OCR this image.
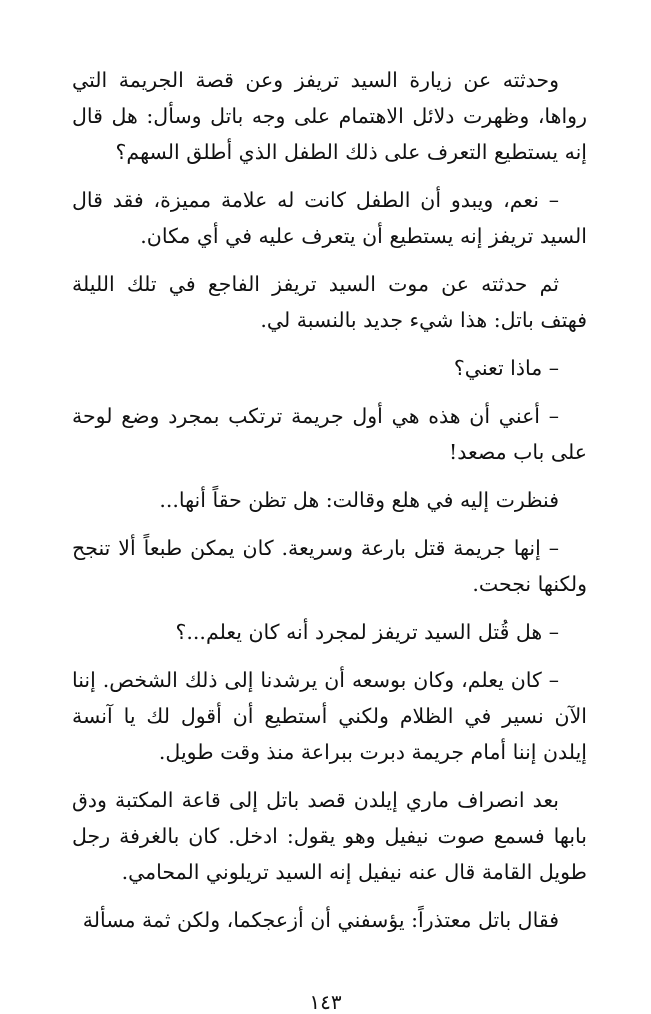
وحدثته عن زيارة السيد تريفز وعن قصة الجريمة التي رواها، وظهرت دلائل الاهتمام على وجه باتل وسأل: هل قال إنه يستطيع التعرف على ذلك الطفل الذي أطلق السهم؟

– نعم، ويبدو أن الطفل كانت له علامة مميزة، فقد قال السيد تريفز إنه يستطيع أن يتعرف عليه في أي مكان.

ثم حدثته عن موت السيد تريفز الفاجع في تلك الليلة فهتف باتل: هذا شيء جديد بالنسبة لي.

– ماذا تعني؟

– أعني أن هذه هي أول جريمة ترتكب بمجرد وضع لوحة على باب مصعد!

فنظرت إليه في هلع وقالت: هل تظن حقاً أنها...

– إنها جريمة قتل بارعة وسريعة. كان يمكن طبعاً ألا تنجح ولكنها نجحت.

– هل قُتل السيد تريفز لمجرد أنه كان يعلم...؟

– كان يعلم، وكان بوسعه أن يرشدنا إلى ذلك الشخص. إننا الآن نسير في الظلام ولكني أستطيع أن أقول لك يا آنسة إيلدن إننا أمام جريمة دبرت ببراعة منذ وقت طويل.

بعد انصراف ماري إيلدن قصد باتل إلى قاعة المكتبة ودق بابها فسمع صوت نيفيل وهو يقول: ادخل. كان بالغرفة رجل طويل القامة قال عنه نيفيل إنه السيد تريلوني المحامي.

فقال باتل معتذراً: يؤسفني أن أزعجكما، ولكن ثمة مسألة

١٤٣
